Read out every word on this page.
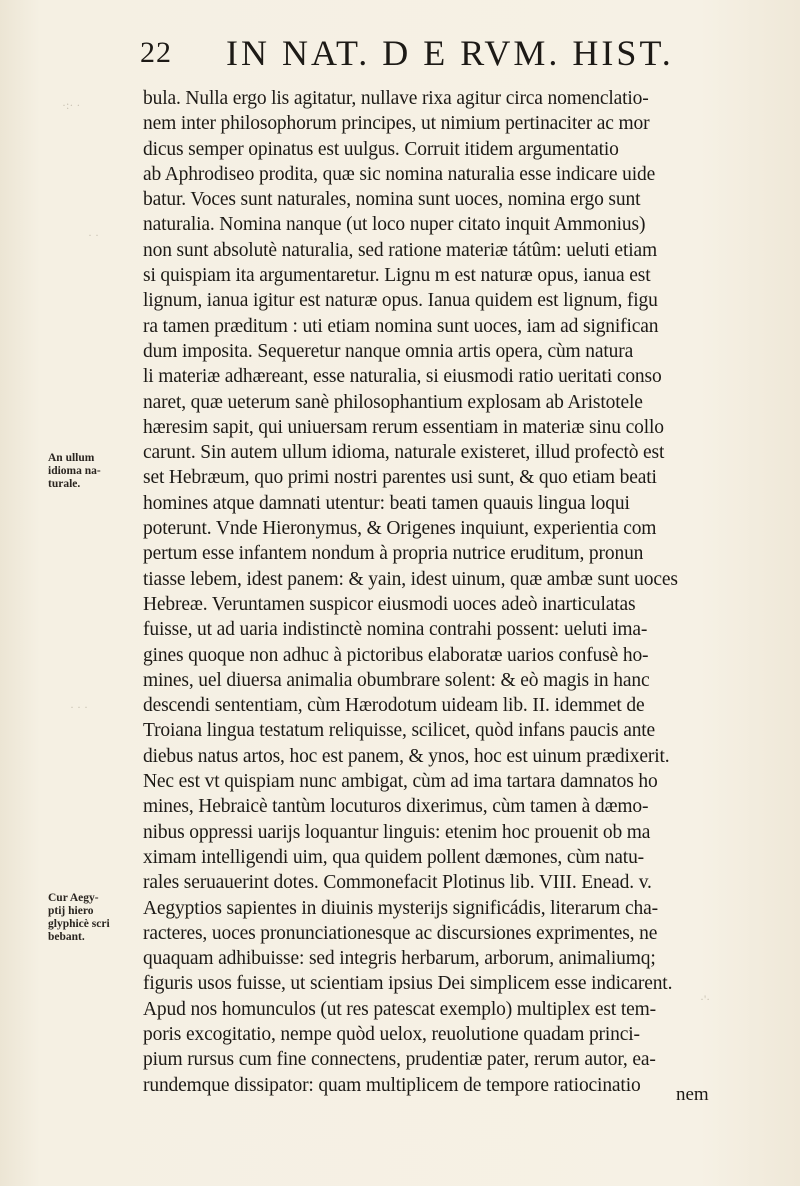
22 IN NAT. D E RVM. HIST.
bula. Nulla ergo lis agitatur, nullave rixa agitur circa nomenclatio-
nem inter philosophorum principes, ut nimium pertinaciter ac mor
dicus semper opinatus est uulgus. Corruit itidem argumentatio
ab Aphrodiseo prodita, quæ sic nomina naturalia esse indicare uide
batur. Voces sunt naturales, nomina sunt uoces, nomina ergo sunt
naturalia. Nomina nanque (ut loco nuper citato inquit Ammonius)
non sunt absolutè naturalia, sed ratione materiæ tátûm: ueluti etiam
si quispiam ita argumentaretur. Lignu m est naturæ opus, ianua est
lignum, ianua igitur est naturæ opus. Ianua quidem est lignum, figu
ra tamen præditum : uti etiam nomina sunt uoces, iam ad significan
dum imposita. Sequeretur nanque omnia artis opera, cùm natura
li materiæ adhæreant, esse naturalia, si eiusmodi ratio ueritati conso
naret, quæ ueterum sanè philosophantium explosam ab Aristotele
hæresim sapit, qui uniuersam rerum essentiam in materiæ sinu collo
carunt. Sin autem ullum idioma, naturale existeret, illud profectò est
set Hebræum, quo primi nostri parentes usi sunt, & quo etiam beati
homines atque damnati utentur: beati tamen quauis lingua loqui
poterunt. Vnde Hieronymus, & Origenes inquiunt, experientia com
pertum esse infantem nondum à propria nutrice eruditum, pronun
tiasse lebem, idest panem: & yain, idest uinum, quæ ambæ sunt uoces
Hebreæ. Veruntamen suspicor eiusmodi uoces adeò inarticulatas
fuisse, ut ad uaria indistinctè nomina contrahi possent: ueluti ima-
gines quoque non adhuc à pictoribus elaboratæ uarios confusè ho-
mines, uel diuersa animalia obumbrare solent: & eò magis in hanc
descendi sententiam, cùm Hærodotum uideam lib. II. idemmet de
Troiana lingua testatum reliquisse, scilicet, quòd infans paucis ante
diebus natus artos, hoc est panem, & ynos, hoc est uinum prædixerit.
Nec est vt quispiam nunc ambigat, cùm ad ima tartara damnatos ho
mines, Hebraicè tantùm locuturos dixerimus, cùm tamen à dæmo-
nibus oppressi uarijs loquantur linguis: etenim hoc prouenit ob ma
ximam intelligendi uim, qua quidem pollent dæmones, cùm natu-
rales seruauerint dotes. Commonefacit Plotinus lib. VIII. Enead. v.
Aegyptios sapientes in diuinis mysterijs significádis, literarum cha-
racteres, uoces pronunciationesque ac discursiones exprimentes, ne
quaquam adhibuisse: sed integris herbarum, arborum, animaliumq;
figuris usos fuisse, ut scientiam ipsius Dei simplicem esse indicarent.
Apud nos homunculos (ut res patescat exemplo) multiplex est tem-
poris excogitatio, nempe quòd uelox, reuolutione quadam princi-
pium rursus cum fine connectens, prudentiæ pater, rerum autor, ea-
rundemque dissipator: quam multiplicem de tempore ratiocinatio
An ullum
idioma na-
turale.
Cur Aegy-
ptij hiero
glyphicè scri
bebant.
nem
·:· ·
· ·
· · ·
·'·
